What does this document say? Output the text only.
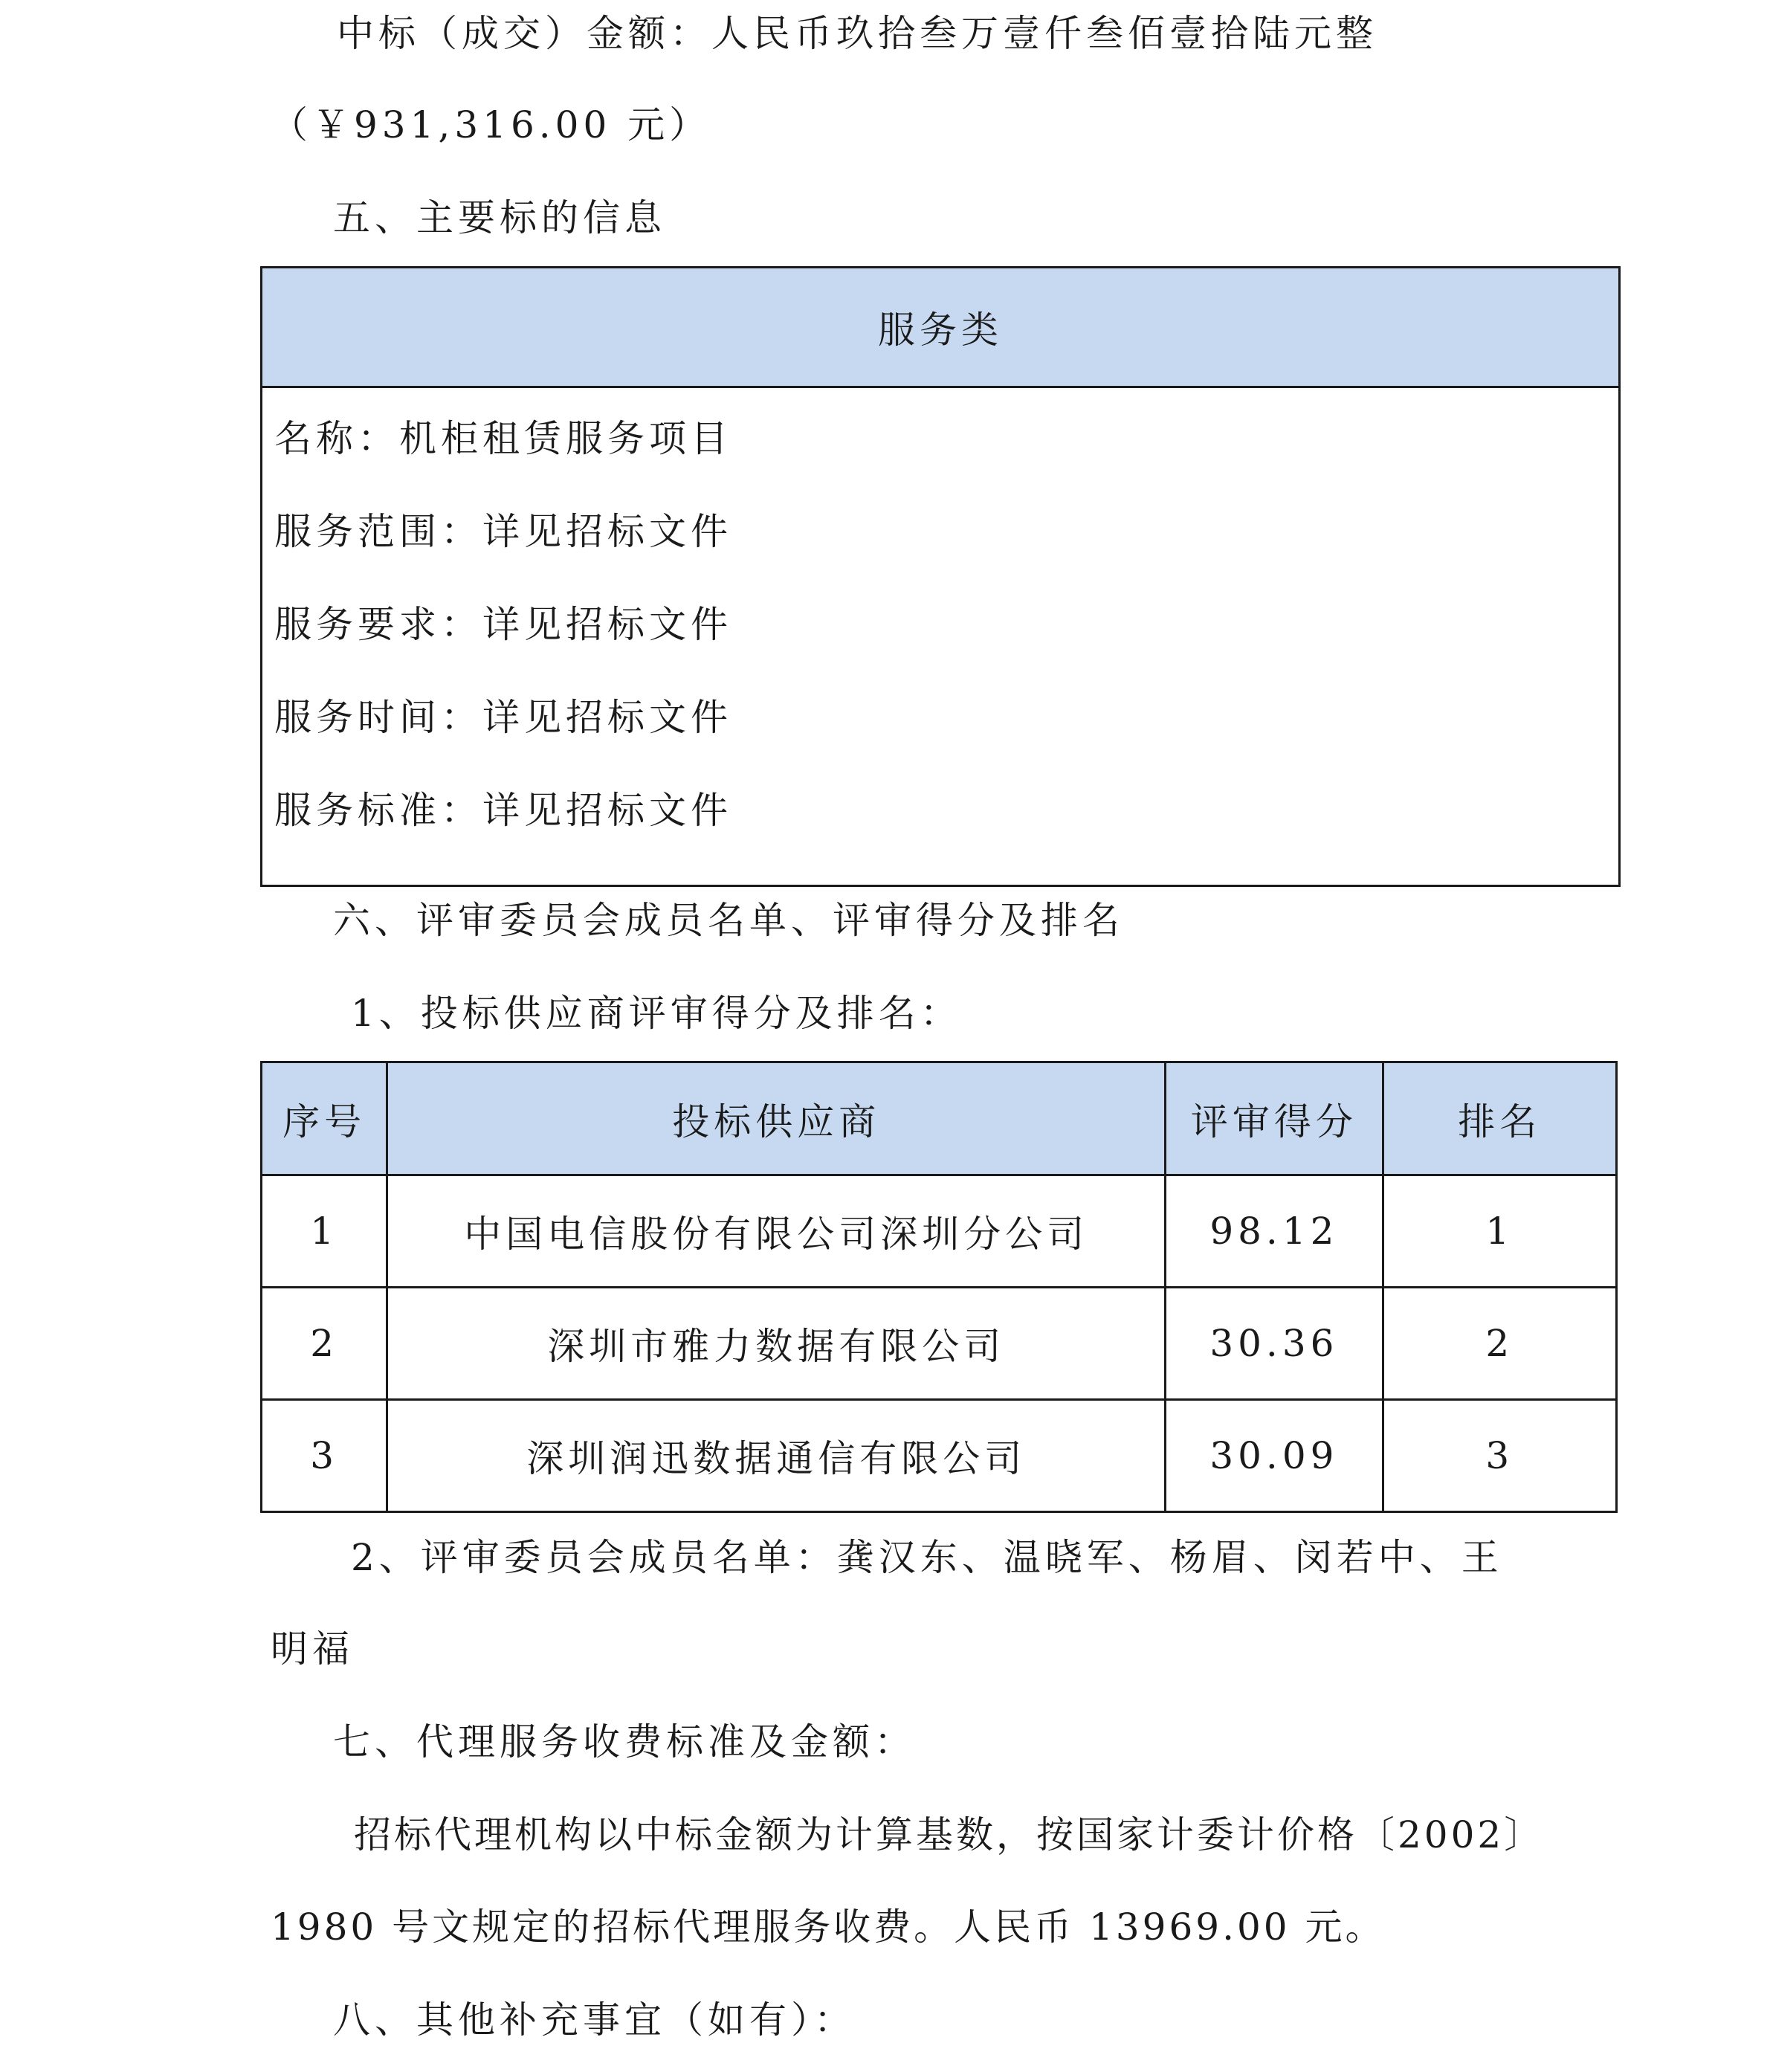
中标（成交）金额：人民币玖拾叁万壹仟叁佰壹拾陆元整
（￥931,316.00 元）
五、主要标的信息
服务类

名称：机柜租赁服务项目
服务范围：详见招标文件
服务要求：详见招标文件
服务时间：详见招标文件
服务标准：详见招标文件
六、评审委员会成员名单、评审得分及排名
1、投标供应商评审得分及排名：
序号	投标供应商	评审得分	排名
1	中国电信股份有限公司深圳分公司	98.12	1
2	深圳市雅力数据有限公司	30.36	2
3	深圳润迅数据通信有限公司	30.09	3
2、评审委员会成员名单：龚汉东、温晓军、杨眉、闵若中、王
明福
七、代理服务收费标准及金额：
招标代理机构以中标金额为计算基数，按国家计委计价格〔2002〕
1980 号文规定的招标代理服务收费。人民币 13969.00 元。
八、其他补充事宜（如有）：
